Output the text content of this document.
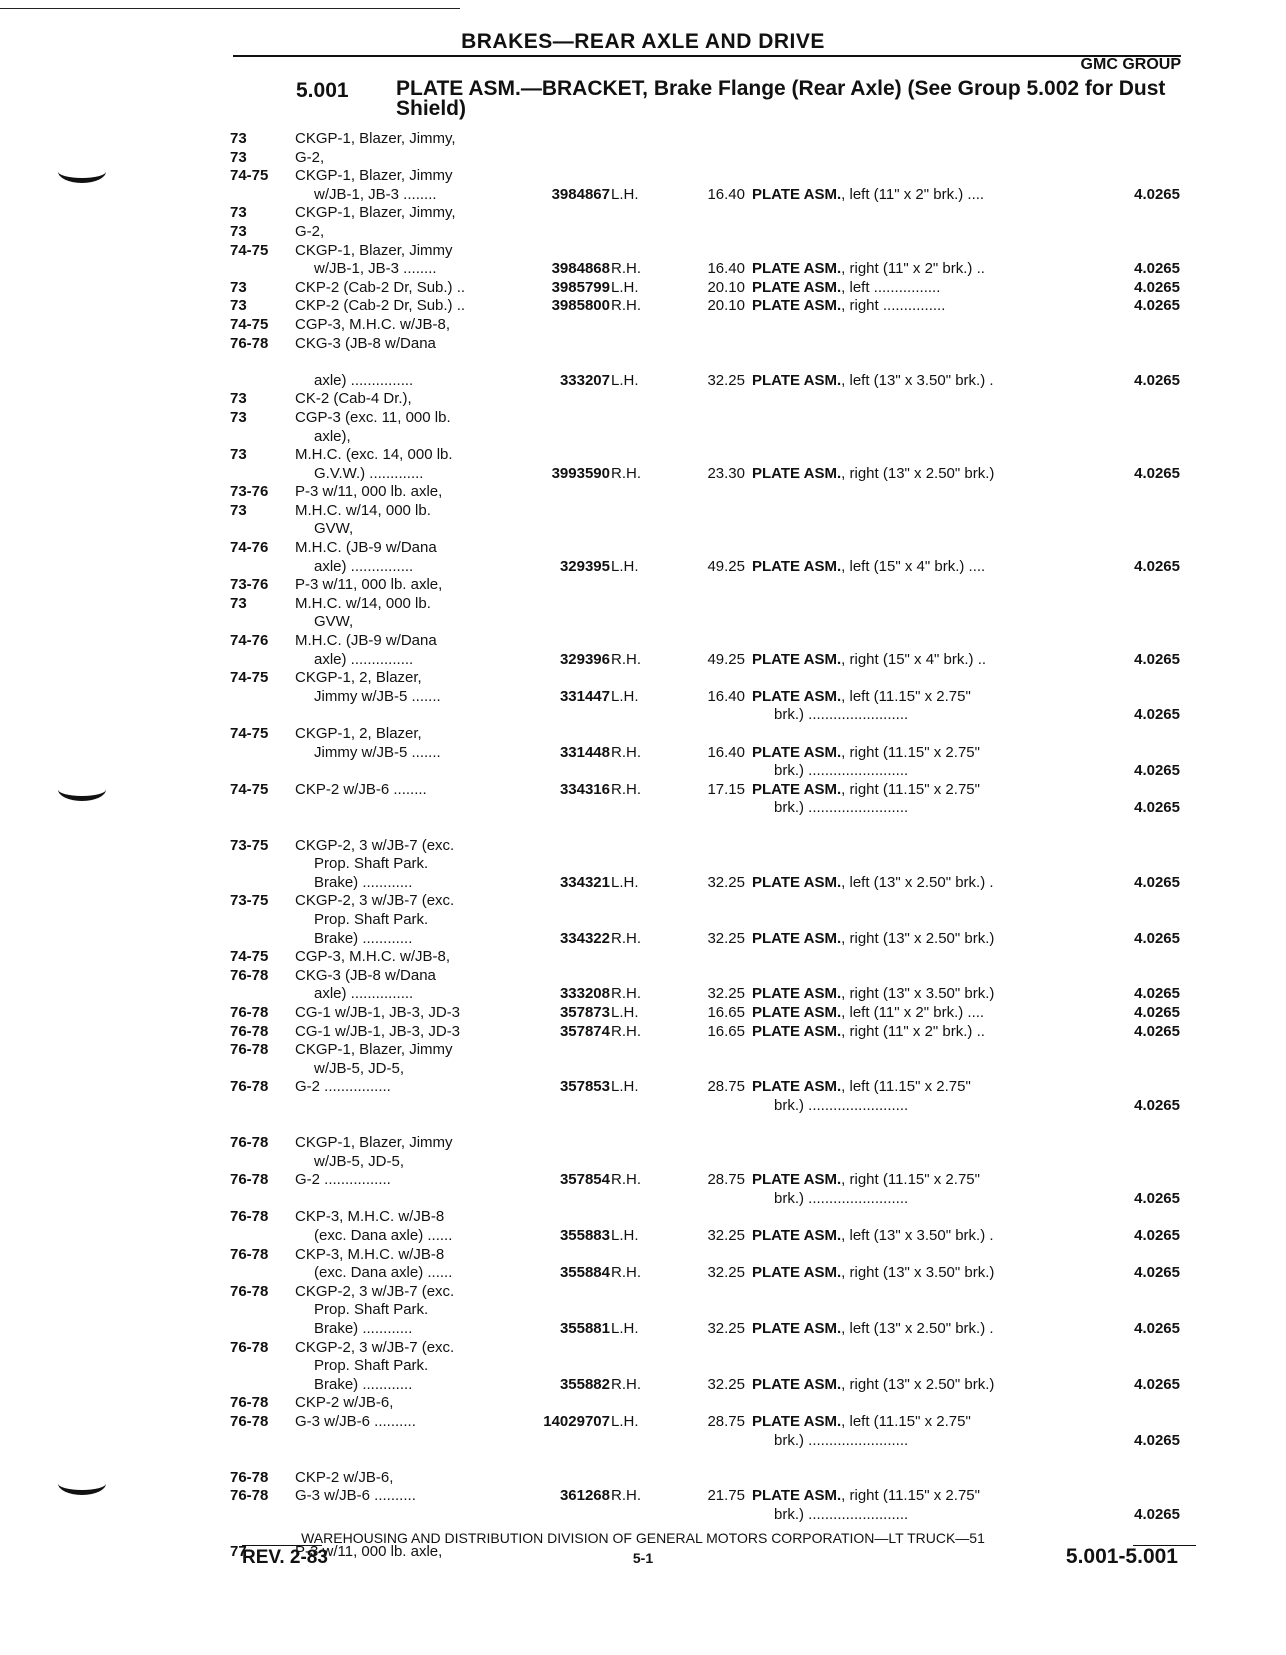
BRAKES—REAR AXLE AND DRIVE
GMC GROUP
5.001 PLATE ASM.—BRACKET, Brake Flange (Rear Axle) (See Group 5.002 for Dust Shield)
73	CKGP-1, Blazer, Jimmy,
73	G-2,
74-75 CKGP-1, Blazer, Jimmy
w/JB-1, JB-3 ........	3984867 L.H.	16.40 PLATE ASM., left (11" x 2" brk.) ....	4.0265
73	CKGP-1, Blazer, Jimmy,
73	G-2,
74-75 CKGP-1, Blazer, Jimmy
w/JB-1, JB-3 ........	3984868 R.H.	16.40 PLATE ASM., right (11" x 2" brk.) ..	4.0265
73	CKP-2 (Cab-2 Dr, Sub.) ..	3985799 L.H.	20.10 PLATE ASM., left ................	4.0265
73	CKP-2 (Cab-2 Dr, Sub.) ..	3985800 R.H.	20.10 PLATE ASM., right ...............	4.0265
74-75 CGP-3, M.H.C. w/JB-8,
76-78 CKG-3 (JB-8 w/Dana
axle) ...............	333207 L.H.	32.25 PLATE ASM., left (13" x 3.50" brk.) .	4.0265
73	CK-2 (Cab-4 Dr.),
73	CGP-3 (exc. 11, 000 lb.
axle),
73	M.H.C. (exc. 14, 000 lb.
G.V.W.) .............	3993590 R.H.	23.30 PLATE ASM., right (13" x 2.50" brk.)	4.0265
73-76 P-3 w/11, 000 lb. axle,
73	M.H.C. w/14, 000 lb.
GVW,
74-76 M.H.C. (JB-9 w/Dana
axle) ...............	329395 L.H.	49.25 PLATE ASM., left (15" x 4" brk.) ....	4.0265
73-76 P-3 w/11, 000 lb. axle,
73	M.H.C. w/14, 000 lb.
GVW,
74-76 M.H.C. (JB-9 w/Dana
axle) ...............	329396 R.H.	49.25 PLATE ASM., right (15" x 4" brk.) ..	4.0265
74-75 CKGP-1, 2, Blazer,
Jimmy w/JB-5 .......	331447 L.H.	16.40 PLATE ASM., left (11.15" x 2.75"
brk.) ........................	4.0265
74-75 CKGP-1, 2, Blazer,
Jimmy w/JB-5 .......	331448 R.H.	16.40 PLATE ASM., right (11.15" x 2.75"
brk.) ........................	4.0265
74-75 CKP-2 w/JB-6 ........	334316 R.H.	17.15 PLATE ASM., right (11.15" x 2.75"
brk.) ........................	4.0265
73-75 CKGP-2, 3 w/JB-7 (exc.
Prop. Shaft Park.
Brake) ............	334321 L.H.	32.25 PLATE ASM., left (13" x 2.50" brk.) .	4.0265
73-75 CKGP-2, 3 w/JB-7 (exc.
Prop. Shaft Park.
Brake) ............	334322 R.H.	32.25 PLATE ASM., right (13" x 2.50" brk.)	4.0265
74-75 CGP-3, M.H.C. w/JB-8,
76-78 CKG-3 (JB-8 w/Dana
axle) ...............	333208 R.H.	32.25 PLATE ASM., right (13" x 3.50" brk.)	4.0265
76-78 CG-1 w/JB-1, JB-3, JD-3	357873 L.H.	16.65 PLATE ASM., left (11" x 2" brk.) ....	4.0265
76-78 CG-1 w/JB-1, JB-3, JD-3	357874 R.H.	16.65 PLATE ASM., right (11" x 2" brk.) ..	4.0265
76-78 CKGP-1, Blazer, Jimmy
w/JB-5, JD-5,
76-78 G-2 ................	357853 L.H.	28.75 PLATE ASM., left (11.15" x 2.75"
brk.) ........................	4.0265
76-78 CKGP-1, Blazer, Jimmy
w/JB-5, JD-5,
76-78 G-2 ................	357854 R.H.	28.75 PLATE ASM., right (11.15" x 2.75"
brk.) ........................	4.0265
76-78 CKP-3, M.H.C. w/JB-8
(exc. Dana axle) ......	355883 L.H.	32.25 PLATE ASM., left (13" x 3.50" brk.) .	4.0265
76-78 CKP-3, M.H.C. w/JB-8
(exc. Dana axle) ......	355884 R.H.	32.25 PLATE ASM., right (13" x 3.50" brk.)	4.0265
76-78 CKGP-2, 3 w/JB-7 (exc.
Prop. Shaft Park.
Brake) ............	355881 L.H.	32.25 PLATE ASM., left (13" x 2.50" brk.) .	4.0265
76-78 CKGP-2, 3 w/JB-7 (exc.
Prop. Shaft Park.
Brake) ............	355882 R.H.	32.25 PLATE ASM., right (13" x 2.50" brk.)	4.0265
76-78 CKP-2 w/JB-6,
76-78 G-3 w/JB-6 ..........	14029707 L.H.	28.75 PLATE ASM., left (11.15" x 2.75"
brk.) ........................	4.0265
76-78 CKP-2 w/JB-6,
76-78 G-3 w/JB-6 ..........	361268 R.H.	21.75 PLATE ASM., right (11.15" x 2.75"
brk.) ........................	4.0265
77	P-3 w/11, 000 lb. axle,
WAREHOUSING AND DISTRIBUTION DIVISION OF GENERAL MOTORS CORPORATION—LT TRUCK—51
REV. 2-83	5-1	5.001-5.001
